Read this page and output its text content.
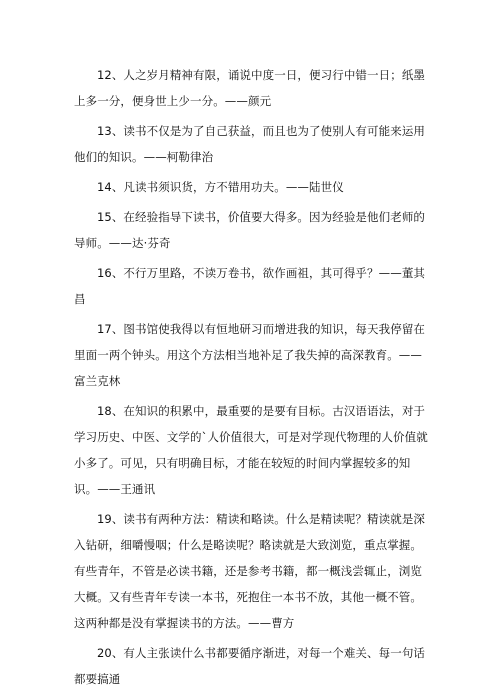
12、人之岁月精神有限，诵说中度一日，便习行中错一日；纸墨上多一分，便身世上少一分。——颜元

13、读书不仅是为了自己获益，而且也为了使别人有可能来运用他们的知识。——柯勒律治

14、凡读书须识货，方不错用功夫。——陆世仪

15、在经验指导下读书，价值要大得多。因为经验是他们老师的导师。——达·芬奇

16、不行万里路，不读万卷书，欲作画祖，其可得乎？——董其昌

17、图书馆使我得以有恒地研习而增进我的知识，每天我停留在里面一两个钟头。用这个方法相当地补足了我失掉的高深教育。——富兰克林

18、在知识的积累中，最重要的是要有目标。古汉语语法，对于学习历史、中医、文学的`人价值很大，可是对学现代物理的人价值就小多了。可见，只有明确目标，才能在较短的时间内掌握较多的知识。——王通讯

19、读书有两种方法：精读和略读。什么是精读呢？精读就是深入钻研，细嚼慢咽；什么是略读呢？略读就是大致浏览，重点掌握。有些青年，不管是必读书籍，还是参考书籍，都一概浅尝辄止，浏览大概。又有些青年专读一本书，死抱住一本书不放，其他一概不管。这两种都是没有掌握读书的方法。——曹方

20、有人主张读什么书都要循序渐进，对每一个难关、每一句话都要搞通
